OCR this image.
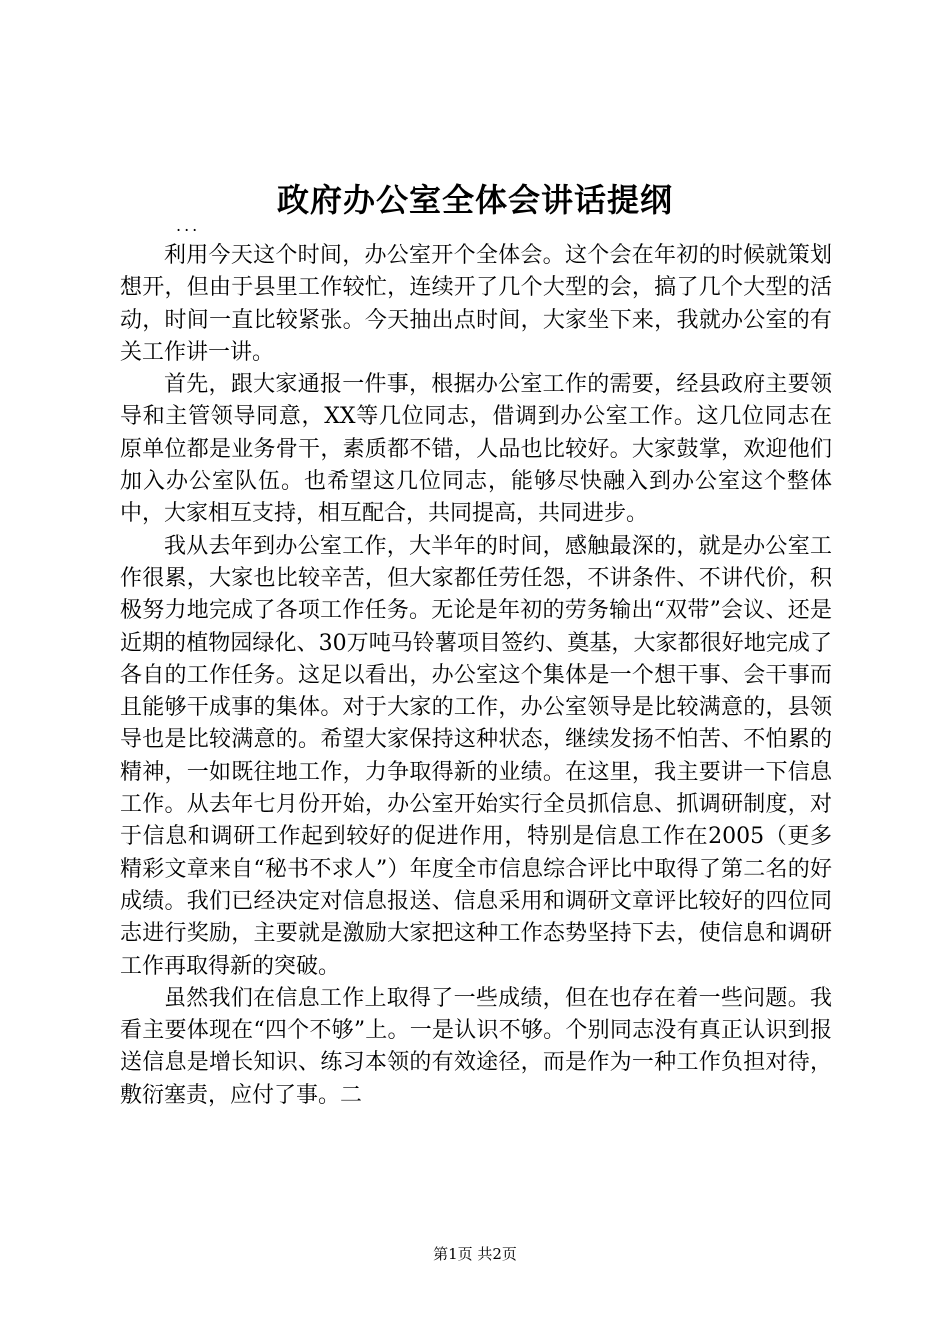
政府办公室全体会讲话提纲
...

利用今天这个时间，办公室开个全体会。这个会在年初的时候就策划想开，但由于县里工作较忙，连续开了几个大型的会，搞了几个大型的活动，时间一直比较紧张。今天抽出点时间，大家坐下来，我就办公室的有关工作讲一讲。

首先，跟大家通报一件事，根据办公室工作的需要，经县政府主要领导和主管领导同意，XX等几位同志，借调到办公室工作。这几位同志在原单位都是业务骨干，素质都不错，人品也比较好。大家鼓掌，欢迎他们加入办公室队伍。也希望这几位同志，能够尽快融入到办公室这个整体中，大家相互支持，相互配合，共同提高，共同进步。

我从去年到办公室工作，大半年的时间，感触最深的，就是办公室工作很累，大家也比较辛苦，但大家都任劳任怨，不讲条件、不讲代价，积极努力地完成了各项工作任务。无论是年初的劳务输出“双带”会议、还是近期的植物园绿化、30万吨马铃薯项目签约、奠基，大家都很好地完成了各自的工作任务。这足以看出，办公室这个集体是一个想干事、会干事而且能够干成事的集体。对于大家的工作，办公室领导是比较满意的，县领导也是比较满意的。希望大家保持这种状态，继续发扬不怕苦、不怕累的精神，一如既往地工作，力争取得新的业绩。在这里，我主要讲一下信息工作。从去年七月份开始，办公室开始实行全员抓信息、抓调研制度，对于信息和调研工作起到较好的促进作用，特别是信息工作在2005（更多精彩文章来自“秘书不求人”）年度全市信息综合评比中取得了第二名的好成绩。我们已经决定对信息报送、信息采用和调研文章评比较好的四位同志进行奖励，主要就是激励大家把这种工作态势坚持下去，使信息和调研工作再取得新的突破。

虽然我们在信息工作上取得了一些成绩，但在也存在着一些问题。我看主要体现在“四个不够”上。一是认识不够。个别同志没有真正认识到报送信息是增长知识、练习本领的有效途径，而是作为一种工作负担对待，敷衍塞责，应付了事。二

第1页 共2页
